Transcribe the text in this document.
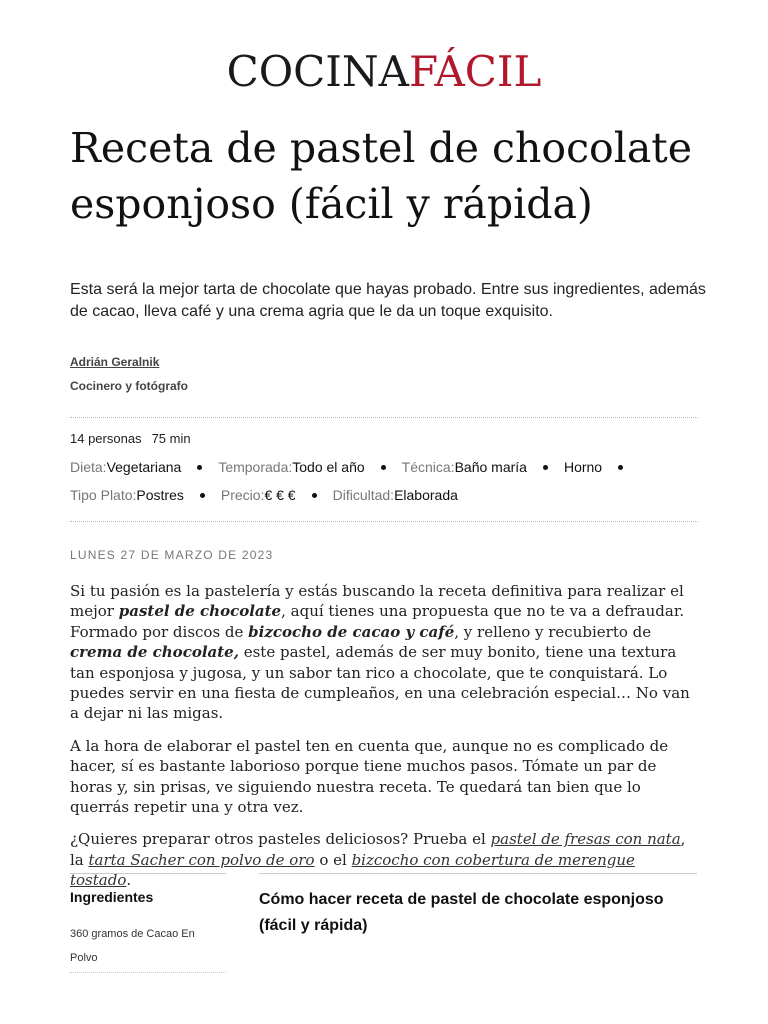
COCINAFÁCIL
Receta de pastel de chocolate esponjoso (fácil y rápida)

Esta será la mejor tarta de chocolate que hayas probado. Entre sus ingredientes, además de cacao, lleva café y una crema agria que le da un toque exquisito.

Adrián Geralnik
Cocinero y fotógrafo
14 personas 75 min
Dieta:Vegetariana	Temporada:Todo el año	Técnica:Baño maría	Horno
Tipo Plato:Postres	Precio:€ € €	Dificultad:Elaborada
LUNES 27 DE MARZO DE 2023

Si tu pasión es la pastelería y estás buscando la receta definitiva para realizar el mejor pastel de chocolate, aquí tienes una propuesta que no te va a defraudar. Formado por discos de bizcocho de cacao y café, y relleno y recubierto de crema de chocolate, este pastel, además de ser muy bonito, tiene una textura tan esponjosa y jugosa, y un sabor tan rico a chocolate, que te conquistará. Lo puedes servir en una fiesta de cumpleaños, en una celebración especial… No van a dejar ni las migas.

A la hora de elaborar el pastel ten en cuenta que, aunque no es complicado de hacer, sí es bastante laborioso porque tiene muchos pasos. Tómate un par de horas y, sin prisas, ve siguiendo nuestra receta. Te quedará tan bien que lo querrás repetir una y otra vez.

¿Quieres preparar otros pasteles deliciosos? Prueba el pastel de fresas con nata, la tarta Sacher con polvo de oro o el bizcocho con cobertura de merengue tostado.

Ingredientes
360 gramos de Cacao En Polvo
Cómo hacer receta de pastel de chocolate esponjoso (fácil y rápida)
